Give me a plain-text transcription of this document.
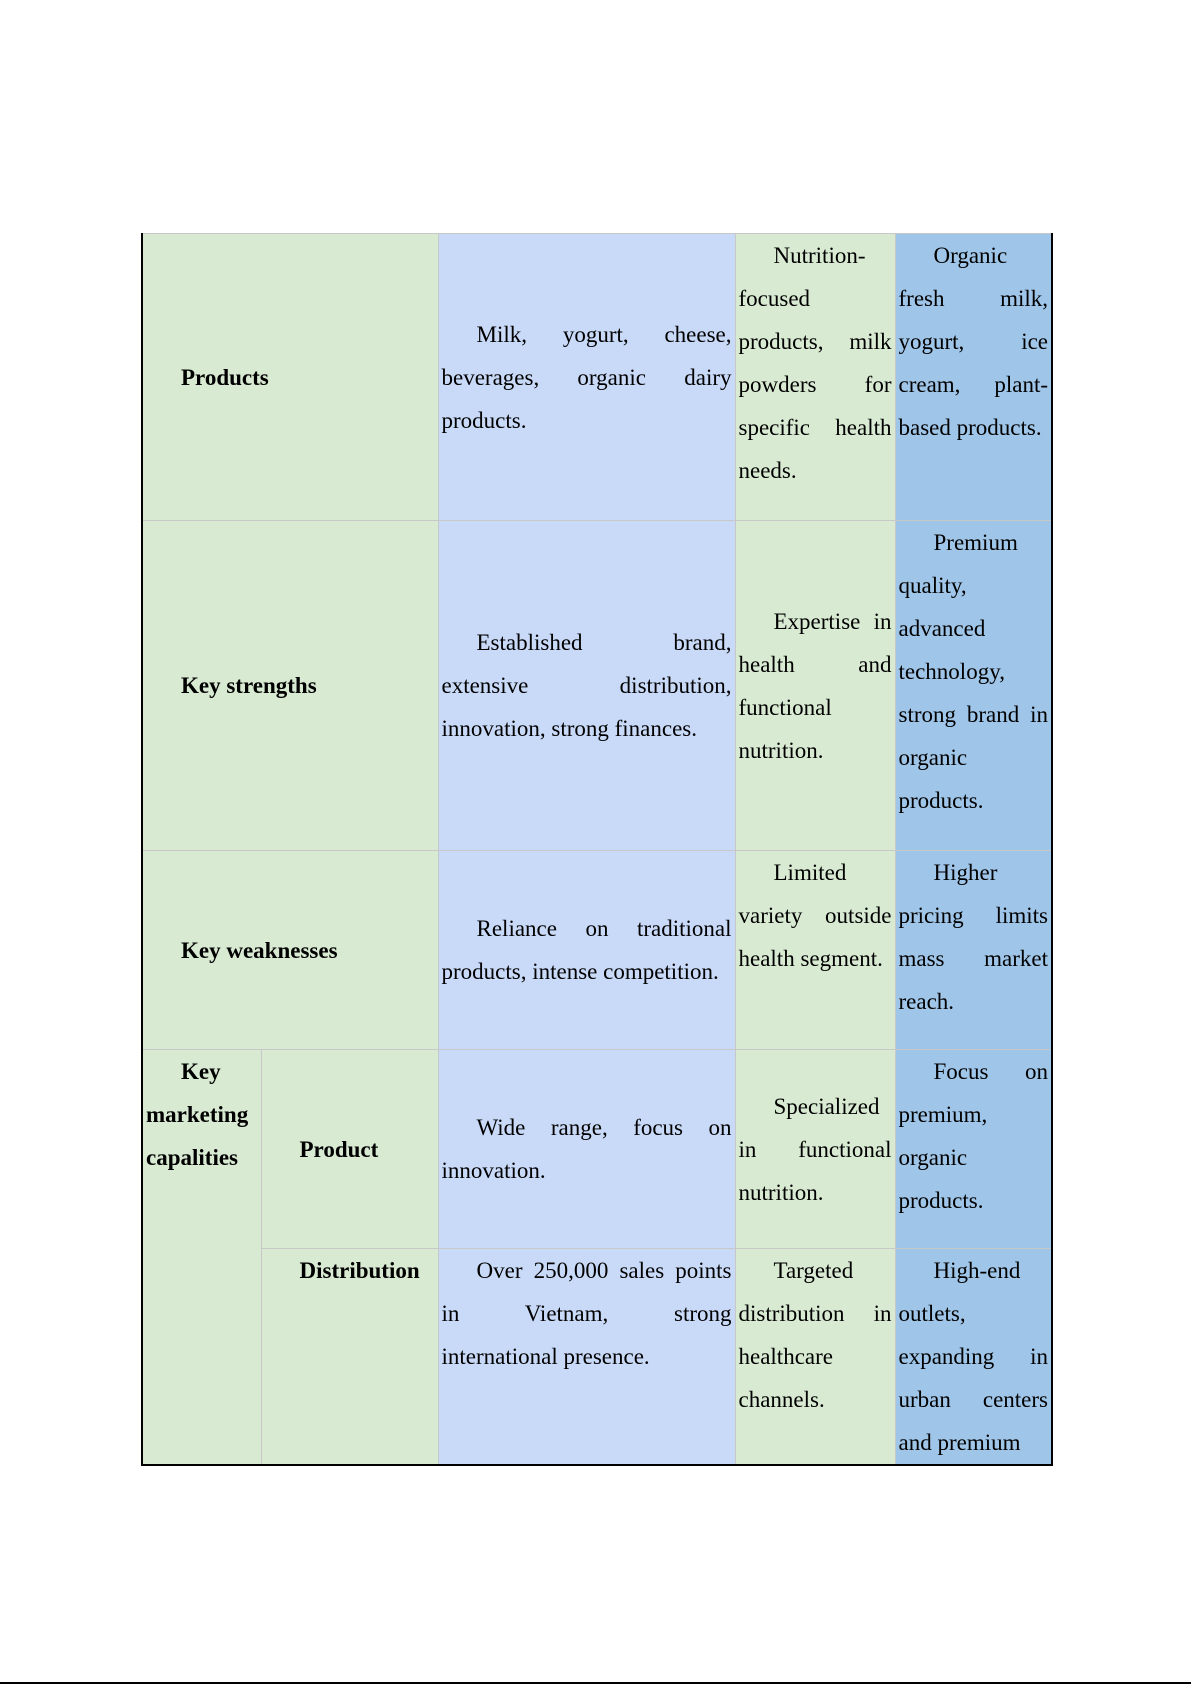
Products		Milk, yogurt, cheese, beverages, organic dairy products.	Nutrition-focused products, milk powders for specific health needs.	Organic fresh milk, yogurt, ice cream, plant-based products.

Key strengths		Established brand, extensive distribution, innovation, strong finances.	Expertise in health and functional nutrition.	Premium quality, advanced technology, strong brand in organic products.

Key weaknesses		Reliance on traditional products, intense competition.	Limited variety outside health segment.	Higher pricing limits mass market reach.

Key marketing capalities	Product	Wide range, focus on innovation.	Specialized in functional nutrition.	Focus on premium, organic products.

	Distribution	Over 250,000 sales points in Vietnam, strong international presence.	Targeted distribution in healthcare channels.	High-end outlets, expanding in urban centers and premium
